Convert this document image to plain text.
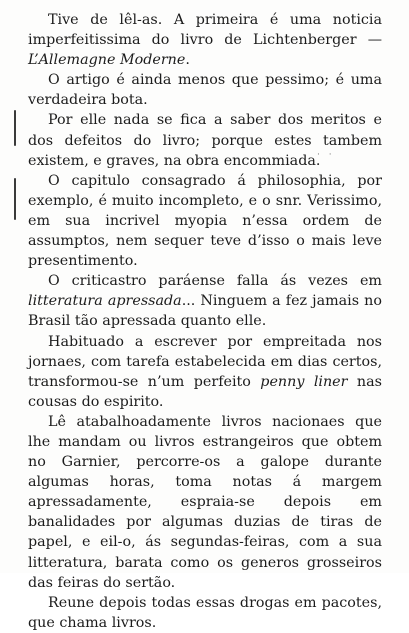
· ·

Tive de lêl-as. A primeira é uma noticia imperfeitissima do livro de Lichtenberger — L’Allemagne Moderne.

O artigo é ainda menos que pessimo; é uma verdadeira bota.

Por elle nada se fica a saber dos meritos e dos defeitos do livro; porque estes tambem existem, e graves, na obra encommiada.

O capitulo consagrado á philosophia, por exemplo, é muito incompleto, e o snr. Verissimo, em sua incrivel myopia n’essa ordem de assumptos, nem sequer teve d’isso o mais leve presentimento.

O criticastro paráense falla ás vezes em litteratura apressada... Ninguem a fez jamais no Brasil tão apressada quanto elle.

Habituado a escrever por empreitada nos jornaes, com tarefa estabelecida em dias certos, transformou-se n’um perfeito penny liner nas cousas do espirito.

Lê atabalhoadamente livros nacionaes que lhe mandam ou livros estrangeiros que obtem no Garnier, percorre-os a galope durante algumas horas, toma notas á margem apressadamente, espraia-se depois em banalidades por algumas duzias de tiras de papel, e eil-o, ás segundas-feiras, com a sua litteratura, barata como os generos grosseiros das feiras do sertão.

Reune depois todas essas drogas em pacotes, que chama livros.
